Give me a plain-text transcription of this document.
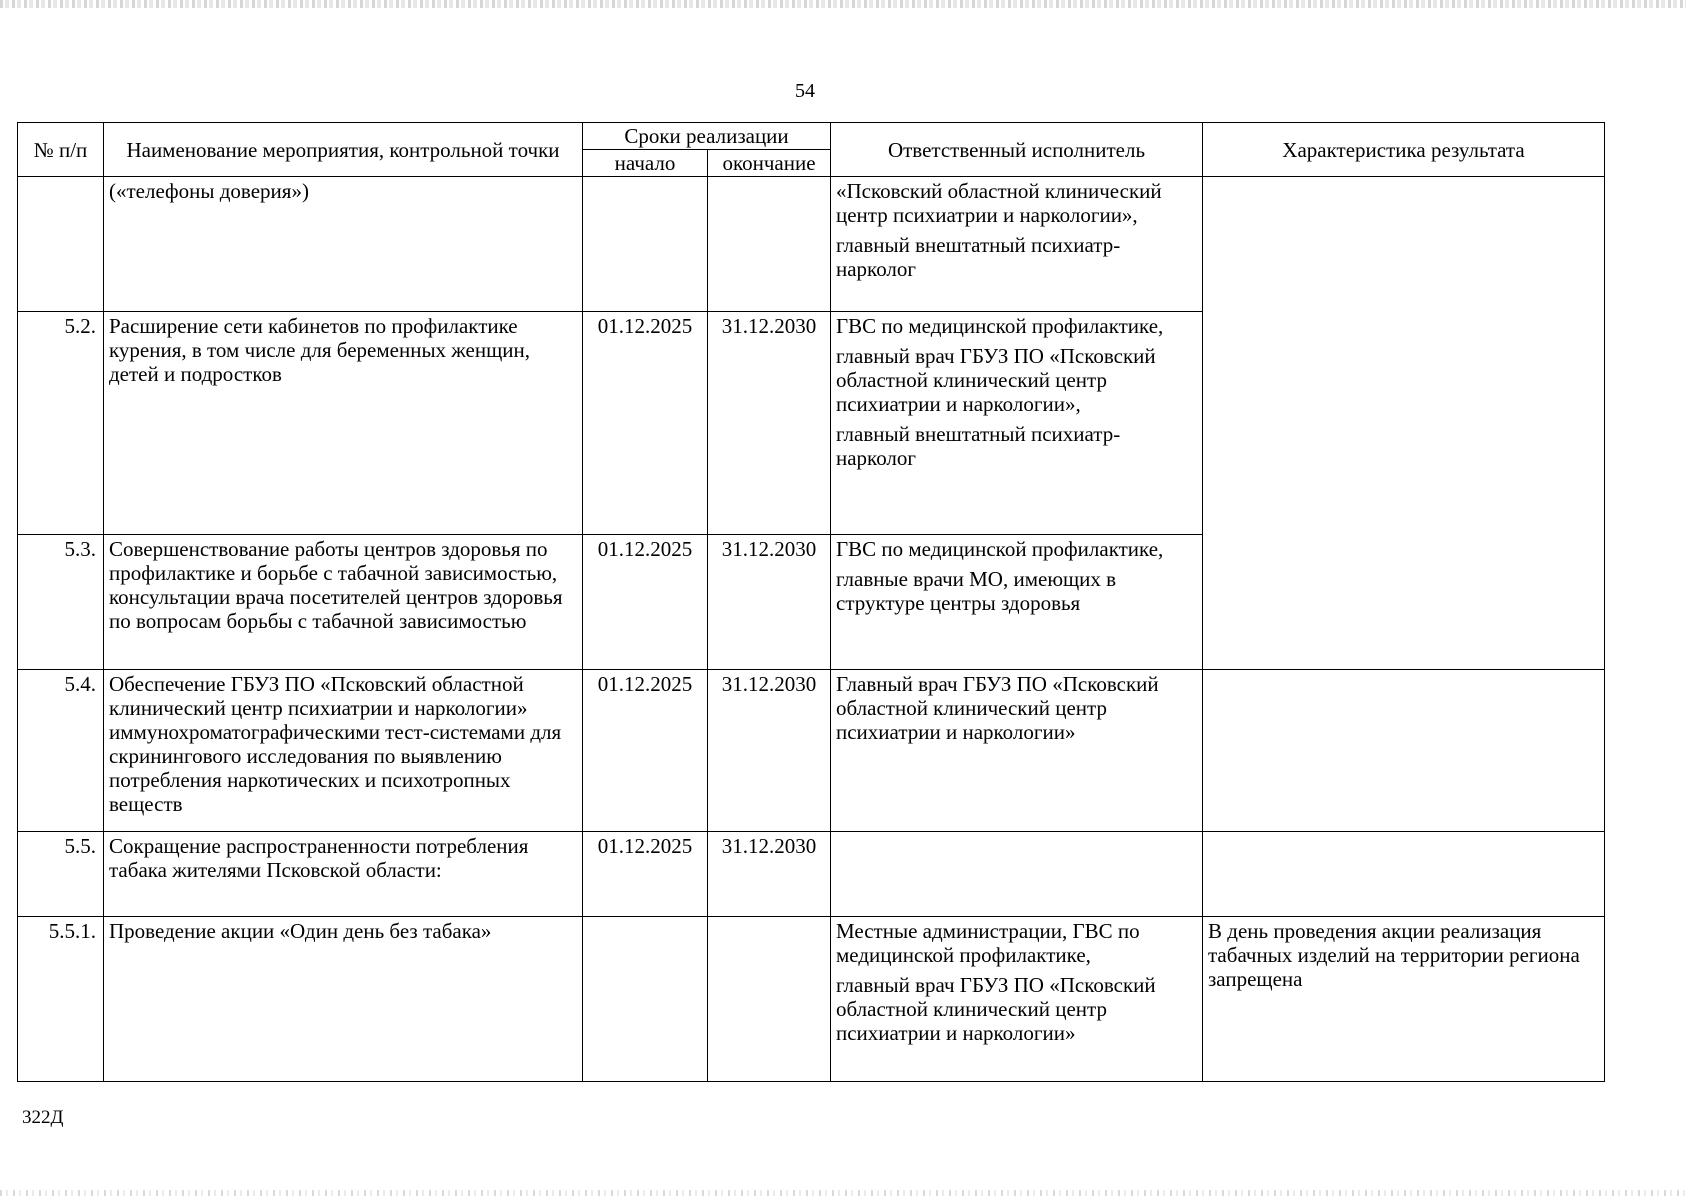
54
№ п/п	Наименование мероприятия, контрольной точки	Сроки реализации		Ответственный исполнитель	Характеристика результата
		начало	окончание		
	(«телефоны доверия»)			«Псковский областной клинический центр психиатрии и наркологии»,

главный внештатный психиатр-нарколог	

5.2.	Расширение сети кабинетов по профилактике курения, в том числе для беременных женщин, детей и подростков	01.12.2025	31.12.2030	ГВС по медицинской профилактике,

главный врач ГБУЗ ПО «Псковский областной клинический центр психиатрии и наркологии»,

главный внештатный психиатр-нарколог	

5.3.	Совершенствование работы центров здоровья по профилактике и борьбе с табачной зависимостью, консультации врача посетителей центров здоровья по вопросам борьбы с табачной зависимостью	01.12.2025	31.12.2030	ГВС по медицинской профилактике,

главные врачи МО, имеющих в структуре центры здоровья	

5.4.	Обеспечение ГБУЗ ПО «Псковский областной клинический центр психиатрии и наркологии» иммунохроматографическими тест-системами для скринингового исследования по выявлению потребления наркотических и психотропных веществ	01.12.2025	31.12.2030	Главный врач ГБУЗ ПО «Псковский областной клинический центр психиатрии и наркологии»	

5.5.	Сокращение распространенности потребления табака жителями Псковской области:	01.12.2025	31.12.2030		
5.5.1.	Проведение акции «Один день без табака»			Местные администрации, ГВС по медицинской профилактике,

главный врач ГБУЗ ПО «Псковский областной клинический центр психиатрии и наркологии»	В день проведения акции реализация табачных изделий на территории региона запрещена
322Д
